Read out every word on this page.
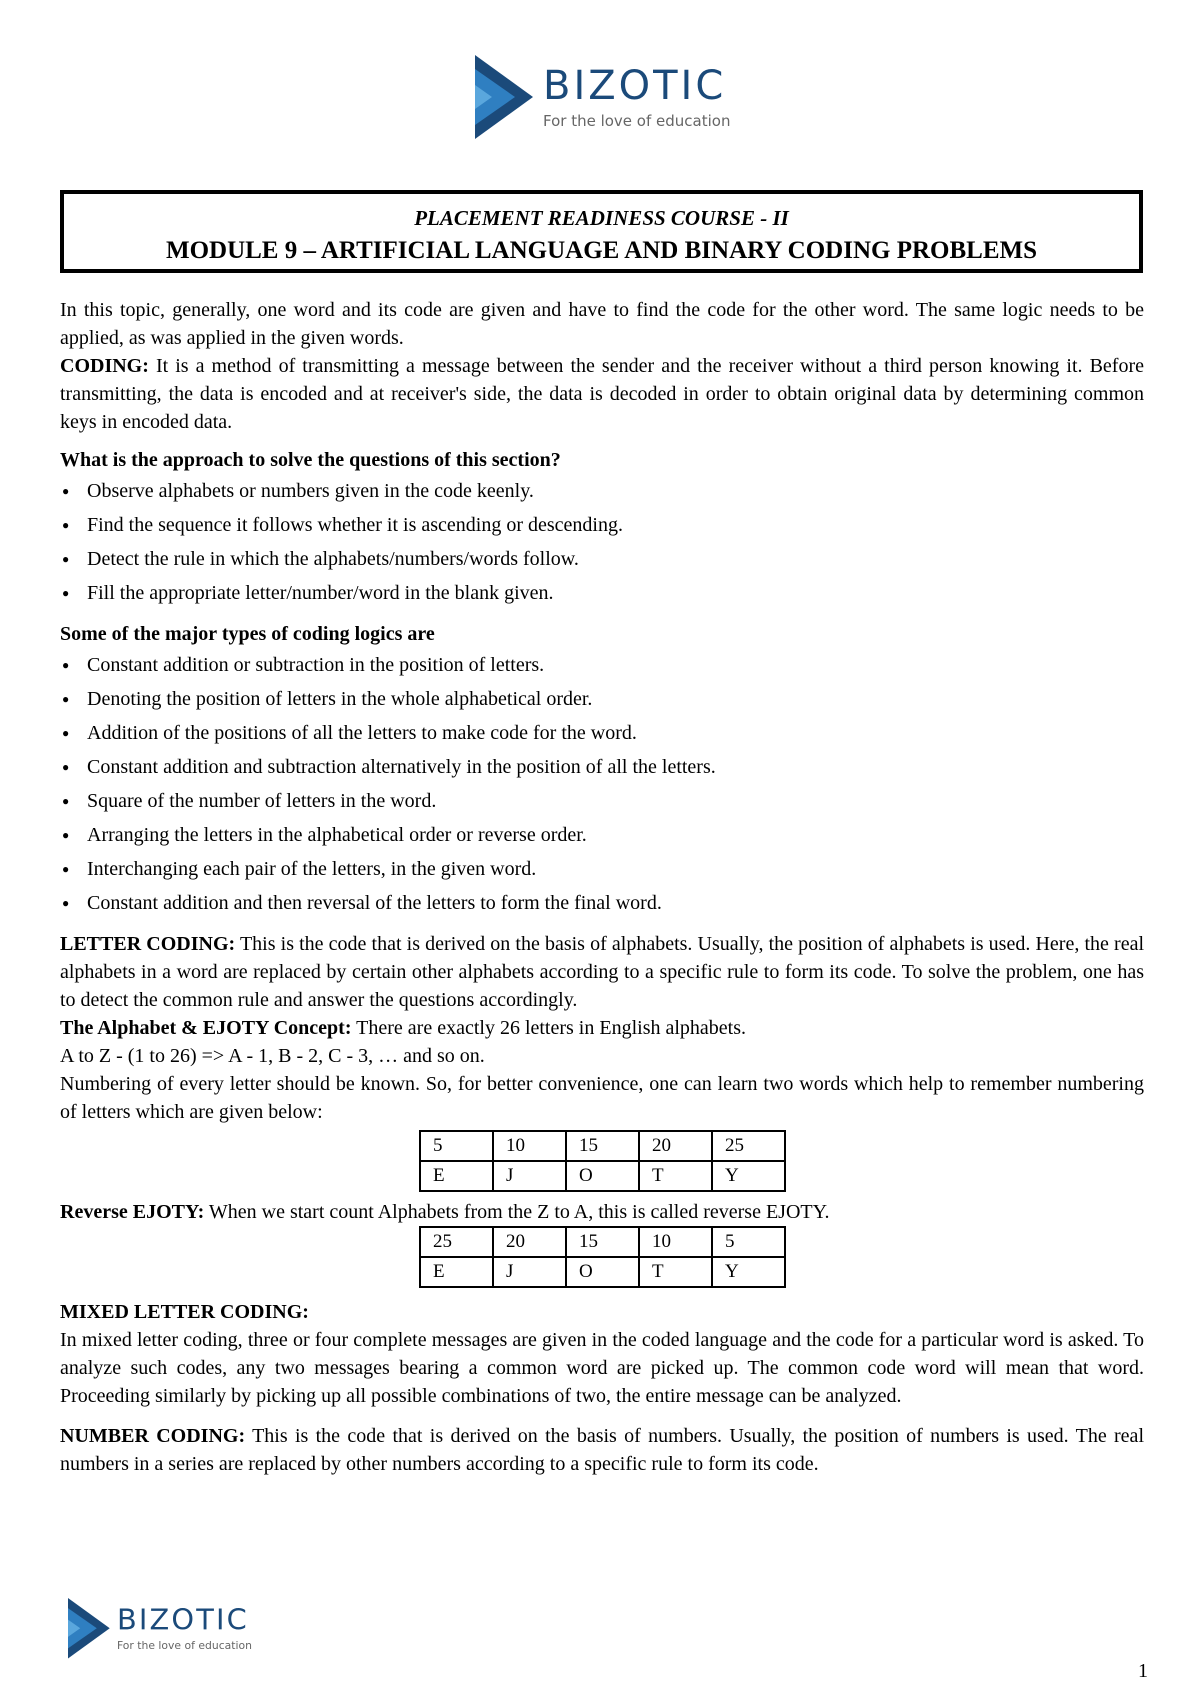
BIZOTIC
For the love of education
PLACEMENT READINESS COURSE - II
MODULE 9 – ARTIFICIAL LANGUAGE AND BINARY CODING PROBLEMS

In this topic, generally, one word and its code are given and have to find the code for the other word. The same logic needs to be applied, as was applied in the given words.

CODING: It is a method of transmitting a message between the sender and the receiver without a third person knowing it. Before transmitting, the data is encoded and at receiver's side, the data is decoded in order to obtain original data by determining common keys in encoded data.

What is the approach to solve the questions of this section?

● Observe alphabets or numbers given in the code keenly.
● Find the sequence it follows whether it is ascending or descending.
● Detect the rule in which the alphabets/numbers/words follow.
● Fill the appropriate letter/number/word in the blank given.

Some of the major types of coding logics are

● Constant addition or subtraction in the position of letters.
● Denoting the position of letters in the whole alphabetical order.
● Addition of the positions of all the letters to make code for the word.
● Constant addition and subtraction alternatively in the position of all the letters.
● Square of the number of letters in the word.
● Arranging the letters in the alphabetical order or reverse order.
● Interchanging each pair of the letters, in the given word.
● Constant addition and then reversal of the letters to form the final word.

LETTER CODING: This is the code that is derived on the basis of alphabets. Usually, the position of alphabets is used. Here, the real alphabets in a word are replaced by certain other alphabets according to a specific rule to form its code. To solve the problem, one has to detect the common rule and answer the questions accordingly.

The Alphabet & EJOTY Concept: There are exactly 26 letters in English alphabets.

A to Z - (1 to 26) => A - 1, B - 2, C - 3, … and so on.

Numbering of every letter should be known. So, for better convenience, one can learn two words which help to remember numbering of letters which are given below:

5	10	15	20	25
E	J	O	T	Y

Reverse EJOTY: When we start count Alphabets from the Z to A, this is called reverse EJOTY.

25	20	15	10	5
E	J	O	T	Y

MIXED LETTER CODING:

In mixed letter coding, three or four complete messages are given in the coded language and the code for a particular word is asked. To analyze such codes, any two messages bearing a common word are picked up. The common code word will mean that word. Proceeding similarly by picking up all possible combinations of two, the entire message can be analyzed.

NUMBER CODING: This is the code that is derived on the basis of numbers. Usually, the position of numbers is used. The real numbers in a series are replaced by other numbers according to a specific rule to form its code.

BIZOTIC
For the love of education
1
